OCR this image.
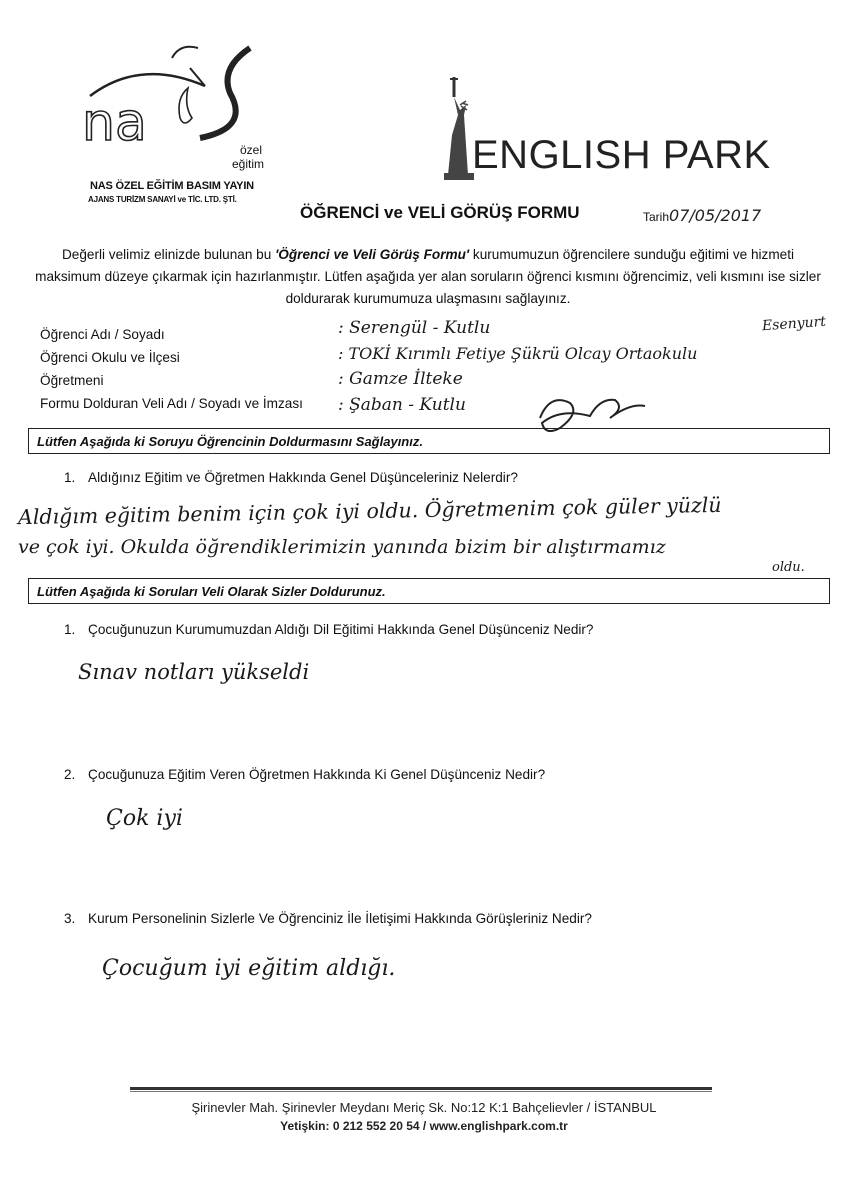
na	özel
eğitim
NAS ÖZEL EĞİTİM BASIM YAYIN
AJANS TURİZM SANAYİ ve TİC. LTD. ŞTİ.
ENGLISH PARK
ÖĞRENCİ ve VELİ GÖRÜŞ FORMU	Tarih07/05/2017
Değerli velimiz elinizde bulunan bu 'Öğrenci ve Veli Görüş Formu' kurumumuzun öğrencilere sunduğu eğitimi ve hizmeti maksimum düzeye çıkarmak için hazırlanmıştır. Lütfen aşağıda yer alan soruların öğrenci kısmını öğrencimiz, veli kısmını ise sizler doldurarak kurumumuza ulaşmasını sağlayınız.
Öğrenci Adı / Soyadı
Öğrenci Okulu ve İlçesi
Öğretmeni
Formu Dolduran Veli Adı / Soyadı ve İmzası
: Serengül - Kutlu
: TOKİ Kırımlı Fetiye Şükrü Olcay Ortaokulu
Esenyurt
: Gamze İlteke
: Şaban - Kutlu
Lütfen Aşağıda ki Soruyu Öğrencinin Doldurmasını Sağlayınız.
1. Aldığınız Eğitim ve Öğretmen Hakkında Genel Düşünceleriniz Nelerdir?
Aldığım eğitim benim için çok iyi oldu. Öğretmenim çok güler yüzlü
ve çok iyi. Okulda öğrendiklerimizin yanında bizim bir alıştırmamız
oldu.
Lütfen Aşağıda ki Soruları Veli Olarak Sizler Doldurunuz.
1. Çocuğunuzun Kurumumuzdan Aldığı Dil Eğitimi Hakkında Genel Düşünceniz Nedir?
Sınav notları yükseldi
2. Çocuğunuza Eğitim Veren Öğretmen Hakkında Ki Genel Düşünceniz Nedir?
Çok iyi
3. Kurum Personelinin Sizlerle Ve Öğrenciniz İle İletişimi Hakkında Görüşleriniz Nedir?
Çocuğum iyi eğitim aldığı.
Şirinevler Mah. Şirinevler Meydanı Meriç Sk. No:12 K:1 Bahçelievler / İSTANBUL
Yetişkin: 0 212 552 20 54 / www.englishpark.com.tr
